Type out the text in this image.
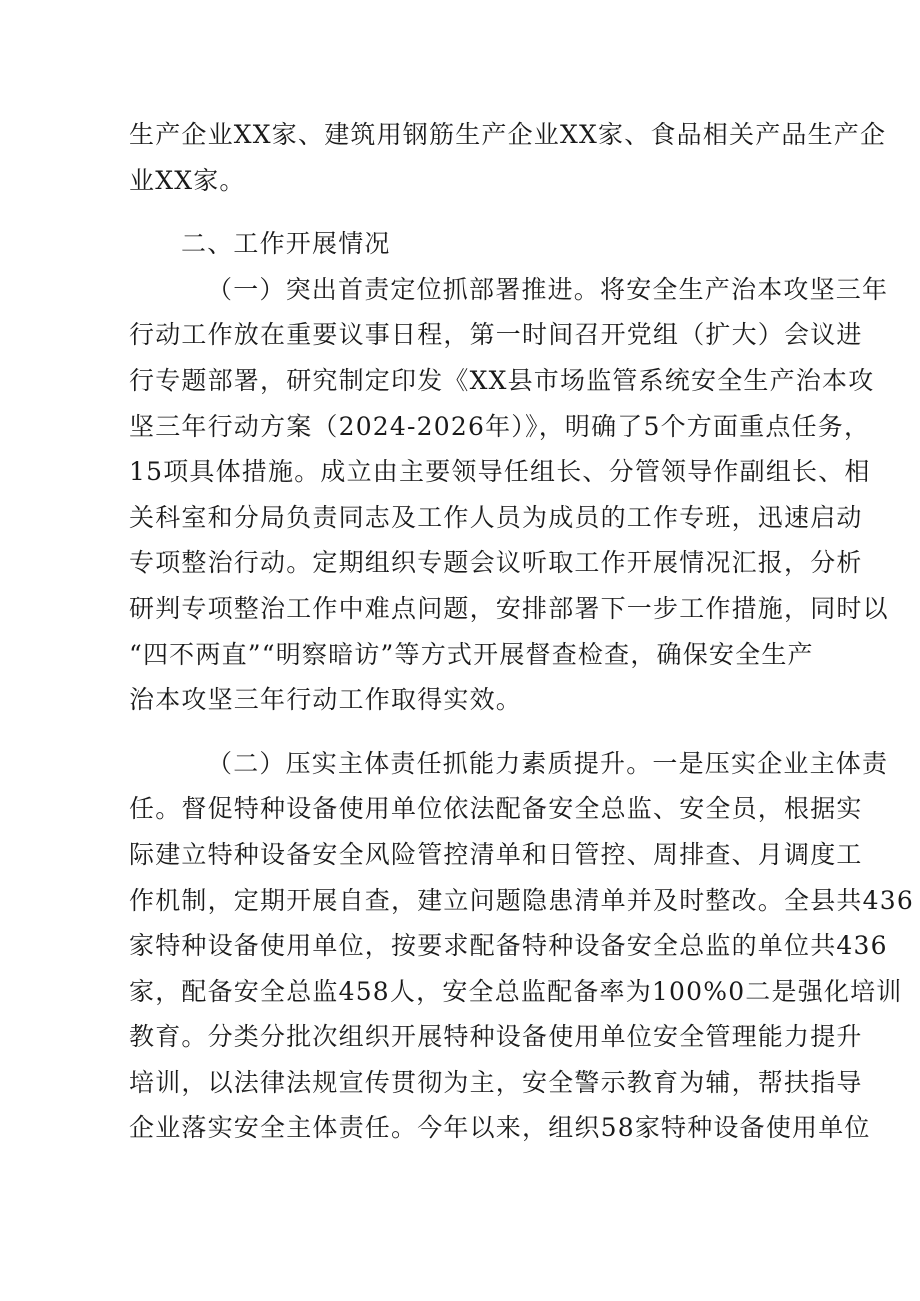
生产企业XX家、建筑用钢筋生产企业XX家、食品相关产品生产企
业XX家。
二、工作开展情况
（一）突出首责定位抓部署推进。将安全生产治本攻坚三年
行动工作放在重要议事日程，第一时间召开党组（扩大）会议进
行专题部署，研究制定印发《XX县市场监管系统安全生产治本攻
坚三年行动方案（2024-2026年）》，明确了5个方面重点任务，
15项具体措施。成立由主要领导任组长、分管领导作副组长、相
关科室和分局负责同志及工作人员为成员的工作专班，迅速启动
专项整治行动。定期组织专题会议听取工作开展情况汇报，分析
研判专项整治工作中难点问题，安排部署下一步工作措施，同时以
“四不两直”“明察暗访”等方式开展督查检查，确保安全生产
治本攻坚三年行动工作取得实效。
（二）压实主体责任抓能力素质提升。一是压实企业主体责
任。督促特种设备使用单位依法配备安全总监、安全员，根据实
际建立特种设备安全风险管控清单和日管控、周排查、月调度工
作机制，定期开展自查，建立问题隐患清单并及时整改。全县共436
家特种设备使用单位，按要求配备特种设备安全总监的单位共436
家，配备安全总监458人，安全总监配备率为100%0二是强化培训
教育。分类分批次组织开展特种设备使用单位安全管理能力提升
培训，以法律法规宣传贯彻为主，安全警示教育为辅，帮扶指导
企业落实安全主体责任。今年以来，组织58家特种设备使用单位
